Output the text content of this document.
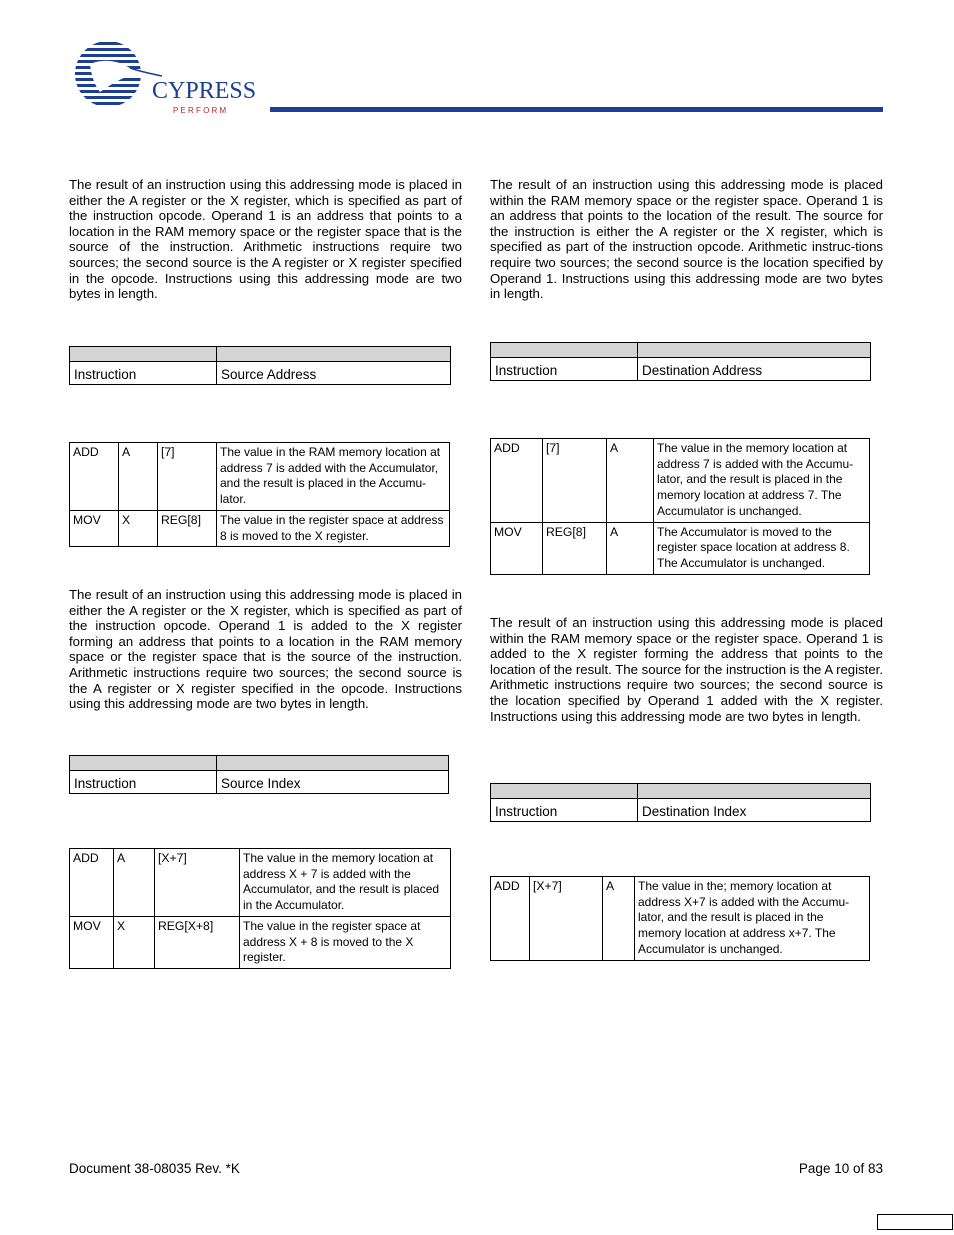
CYPRESS
P E R F O R M

The result of an instruction using this addressing mode is placed in either the A register or the X register, which is specified as part of the instruction opcode. Operand 1 is an address that points to a location in the RAM memory space or the register space that is the source of the instruction. Arithmetic instructions require two sources; the second source is the A register or X register specified in the opcode. Instructions using this addressing mode are two bytes in length.

Instruction	Source Address
ADD	A	[7]	The value in the RAM memory location at address 7 is added with the Accumulator, and the result is placed in the Accumu-lator.
MOV	X	REG[8]	The value in the register space at address 8 is moved to the X register.

The result of an instruction using this addressing mode is placed in either the A register or the X register, which is specified as part of the instruction opcode. Operand 1 is added to the X register forming an address that points to a location in the RAM memory space or the register space that is the source of the instruction. Arithmetic instructions require two sources; the second source is the A register or X register specified in the opcode. Instructions using this addressing mode are two bytes in length.

Instruction	Source Index
ADD	A	[X+7]	The value in the memory location at address X + 7 is added with the Accumulator, and the result is placed in the Accumulator.
MOV	X	REG[X+8]	The value in the register space at address X + 8 is moved to the X register.

The result of an instruction using this addressing mode is placed within the RAM memory space or the register space. Operand 1 is an address that points to the location of the result. The source for the instruction is either the A register or the X register, which is specified as part of the instruction opcode. Arithmetic instruc-tions require two sources; the second source is the location specified by Operand 1. Instructions using this addressing mode are two bytes in length.

Instruction	Destination Address
ADD	[7]	A	The value in the memory location at address 7 is added with the Accumu-lator, and the result is placed in the memory location at address 7. The Accumulator is unchanged.
MOV	REG[8]	A	The Accumulator is moved to the register space location at address 8. The Accumulator is unchanged.

The result of an instruction using this addressing mode is placed within the RAM memory space or the register space. Operand 1 is added to the X register forming the address that points to the location of the result. The source for the instruction is the A register. Arithmetic instructions require two sources; the second source is the location specified by Operand 1 added with the X register. Instructions using this addressing mode are two bytes in length.

Instruction	Destination Index
ADD	[X+7]	A	The value in the; memory location at address X+7 is added with the Accumu-lator, and the result is placed in the memory location at address x+7. The Accumulator is unchanged.
Document 38-08035 Rev. *K	Page 10 of 83
